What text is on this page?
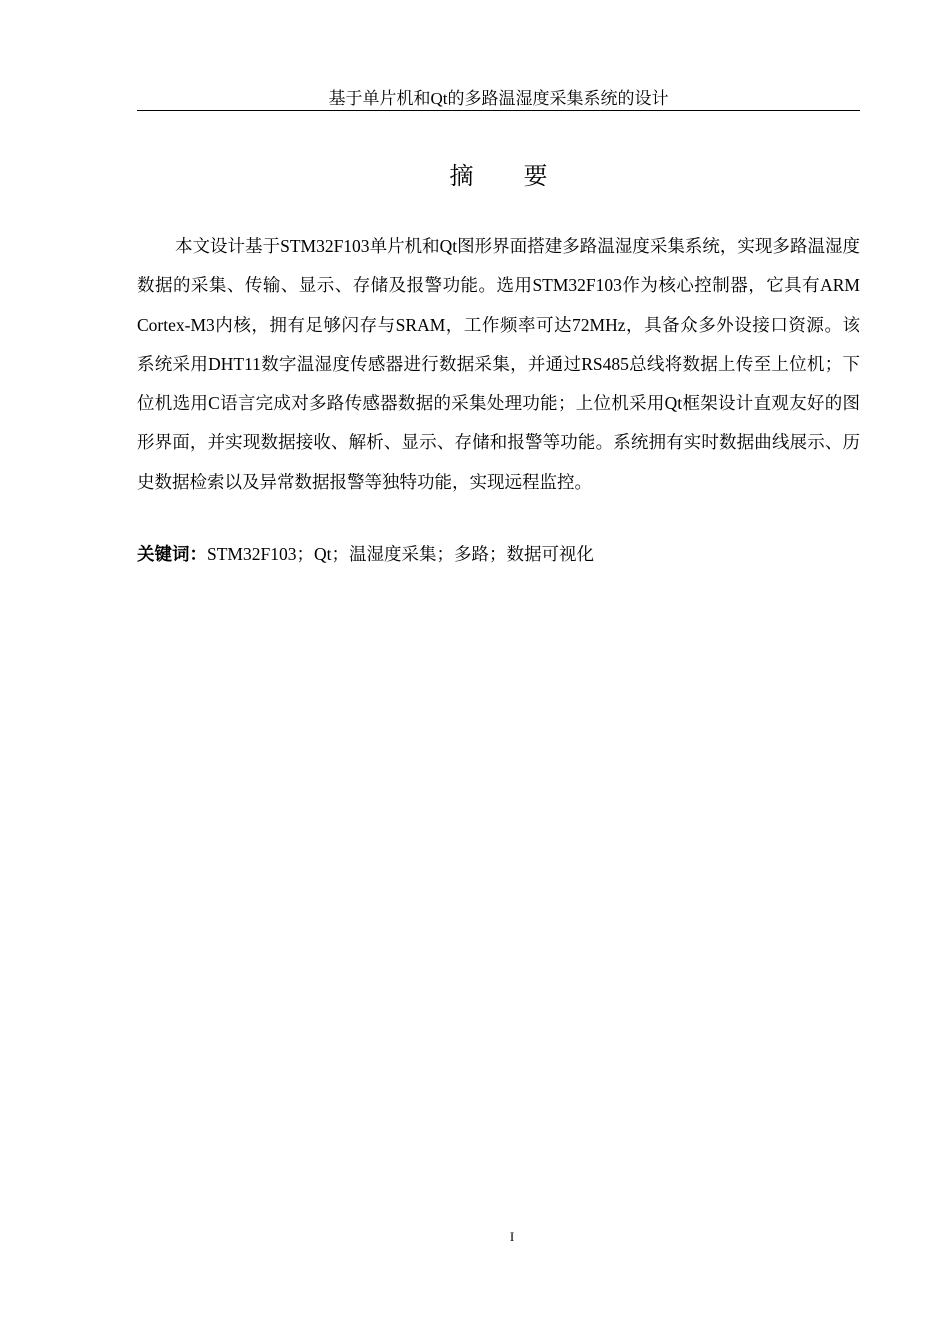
基于单片机和Qt的多路温湿度采集系统的设计
摘 要

本文设计基于STM32F103单片机和Qt图形界面搭建多路温湿度采集系统，实现多路温湿度数据的采集、传输、显示、存储及报警功能。选用STM32F103作为核心控制器，它具有ARM Cortex-M3内核，拥有足够闪存与SRAM，工作频率可达72MHz，具备众多外设接口资源。该系统采用DHT11数字温湿度传感器进行数据采集，并通过RS485总线将数据上传至上位机；下位机选用C语言完成对多路传感器数据的采集处理功能；上位机采用Qt框架设计直观友好的图形界面，并实现数据接收、解析、显示、存储和报警等功能。系统拥有实时数据曲线展示、历史数据检索以及异常数据报警等独特功能，实现远程监控。

关键词：STM32F103；Qt；温湿度采集；多路；数据可视化

I
